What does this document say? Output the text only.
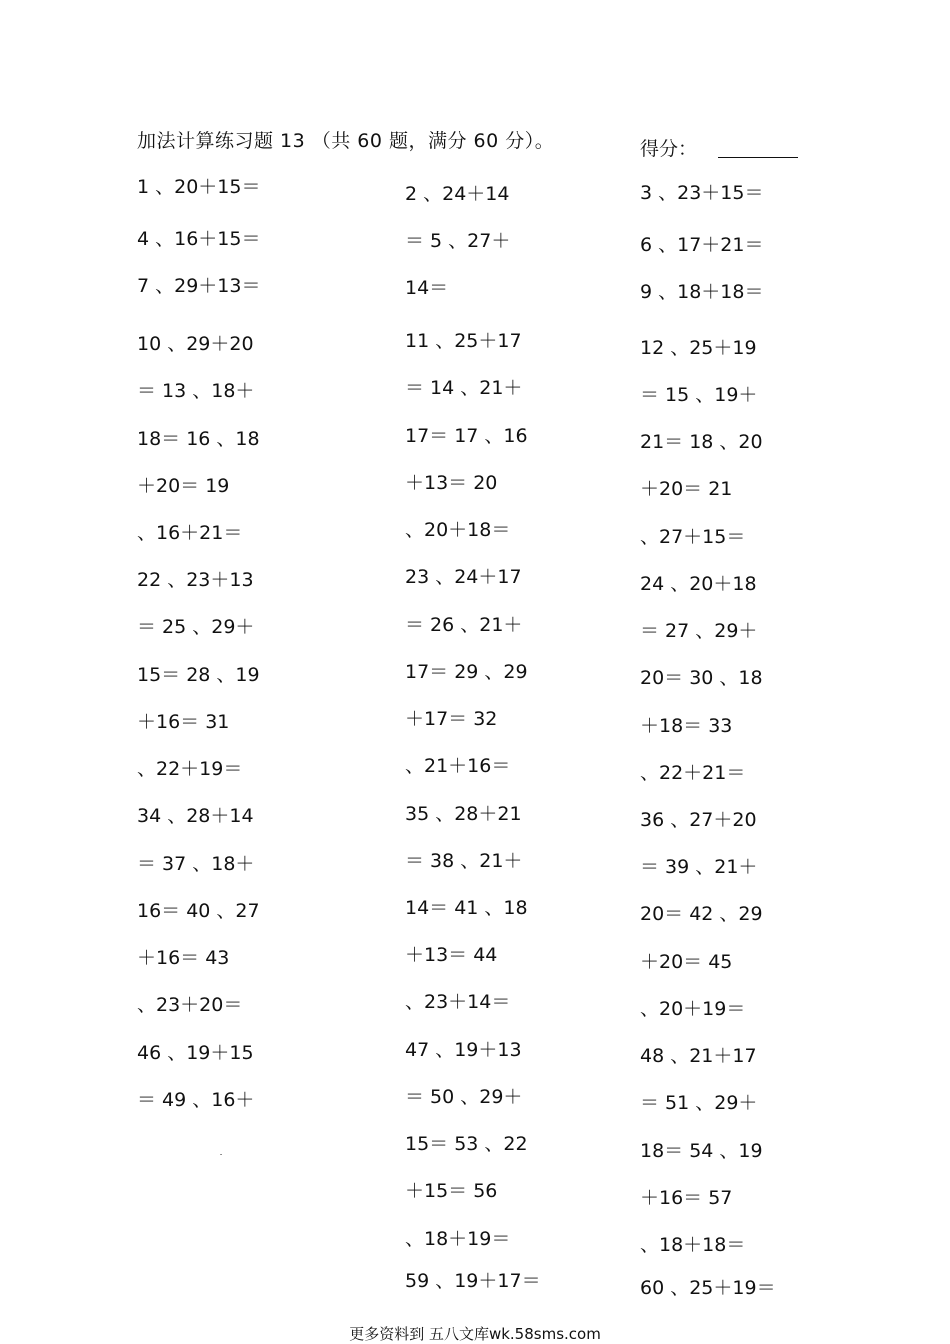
加法计算练习题 13 （共 60 题，满分 60 分）。	得分：
1 、20＋15＝
4 、16＋15＝
7 、29＋13＝
10 、29＋20
＝ 13 、18＋
18＝ 16 、18
＋20＝ 19
、16＋21＝
22 、23＋13
＝ 25 、29＋
15＝ 28 、19
＋16＝ 31
、22＋19＝
34 、28＋14
＝ 37 、18＋
16＝ 40 、27
＋16＝ 43
、23＋20＝
46 、19＋15
＝ 49 、16＋
2 、24＋14
＝ 5 、27＋
14＝
11 、25＋17
＝ 14 、21＋
17＝ 17 、16
＋13＝ 20
、20＋18＝
23 、24＋17
＝ 26 、21＋
17＝ 29 、29
＋17＝ 32
、21＋16＝
35 、28＋21
＝ 38 、21＋
14＝ 41 、18
＋13＝ 44
、23＋14＝
47 、19＋13
＝ 50 、29＋
15＝ 53 、22
＋15＝ 56
、18＋19＝
59 、19＋17＝
3 、23＋15＝
6 、17＋21＝
9 、18＋18＝
12 、25＋19
＝ 15 、19＋
21＝ 18 、20
＋20＝ 21
、27＋15＝
24 、20＋18
＝ 27 、29＋
20＝ 30 、18
＋18＝ 33
、22＋21＝
36 、27＋20
＝ 39 、21＋
20＝ 42 、29
＋20＝ 45
、20＋19＝
48 、21＋17
＝ 51 、29＋
18＝ 54 、19
＋16＝ 57
、18＋18＝
60 、25＋19＝
更多资料到 五八文库wk.58sms.com
